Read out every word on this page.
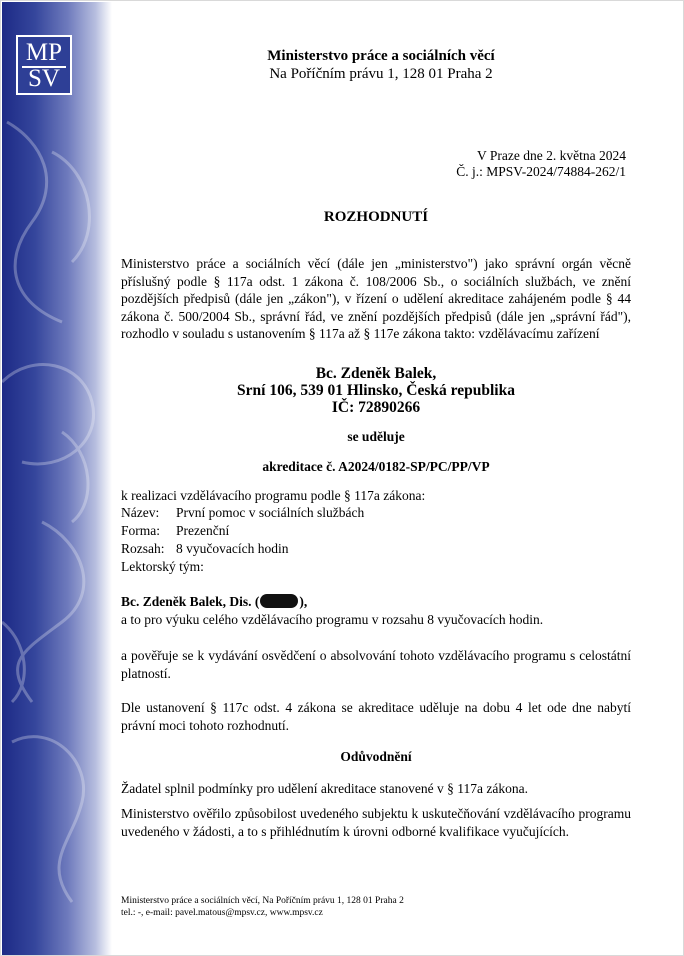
MP
SV
Ministerstvo práce a sociálních věcí
Na Poříčním právu 1, 128 01 Praha 2
V Praze dne 2. května 2024
Č. j.: MPSV-2024/74884-262/1
ROZHODNUTÍ
Ministerstvo práce a sociálních věcí (dále jen „ministerstvo") jako správní orgán věcně příslušný podle § 117a odst. 1 zákona č. 108/2006 Sb., o sociálních službách, ve znění pozdějších předpisů (dále jen „zákon"), v řízení o udělení akreditace zahájeném podle § 44 zákona č. 500/2004 Sb., správní řád, ve znění pozdějších předpisů (dále jen „správní řád"), rozhodlo v souladu s ustanovením § 117a až § 117e zákona takto: vzdělávacímu zařízení
Bc. Zdeněk Balek,
Srní 106, 539 01 Hlinsko, Česká republika
IČ: 72890266
se uděluje
akreditace č. A2024/0182-SP/PC/PP/VP
k realizaci vzdělávacího programu podle § 117a zákona:
Název: První pomoc v sociálních službách
Forma: Prezenční
Rozsah: 8 vyučovacích hodin
Lektorský tým:
Bc. Zdeněk Balek, Dis. (	),
a to pro výuku celého vzdělávacího programu v rozsahu 8 vyučovacích hodin.
a pověřuje se k vydávání osvědčení o absolvování tohoto vzdělávacího programu s celostátní platností.
Dle ustanovení § 117c odst. 4 zákona se akreditace uděluje na dobu 4 let ode dne nabytí právní moci tohoto rozhodnutí.
Odůvodnění
Žadatel splnil podmínky pro udělení akreditace stanovené v § 117a zákona.
Ministerstvo ověřilo způsobilost uvedeného subjektu k uskutečňování vzdělávacího programu uvedeného v žádosti, a to s přihlédnutím k úrovni odborné kvalifikace vyučujících.
Ministerstvo práce a sociálních věcí, Na Poříčním právu 1, 128 01 Praha 2
tel.: -, e-mail: pavel.matous@mpsv.cz, www.mpsv.cz
